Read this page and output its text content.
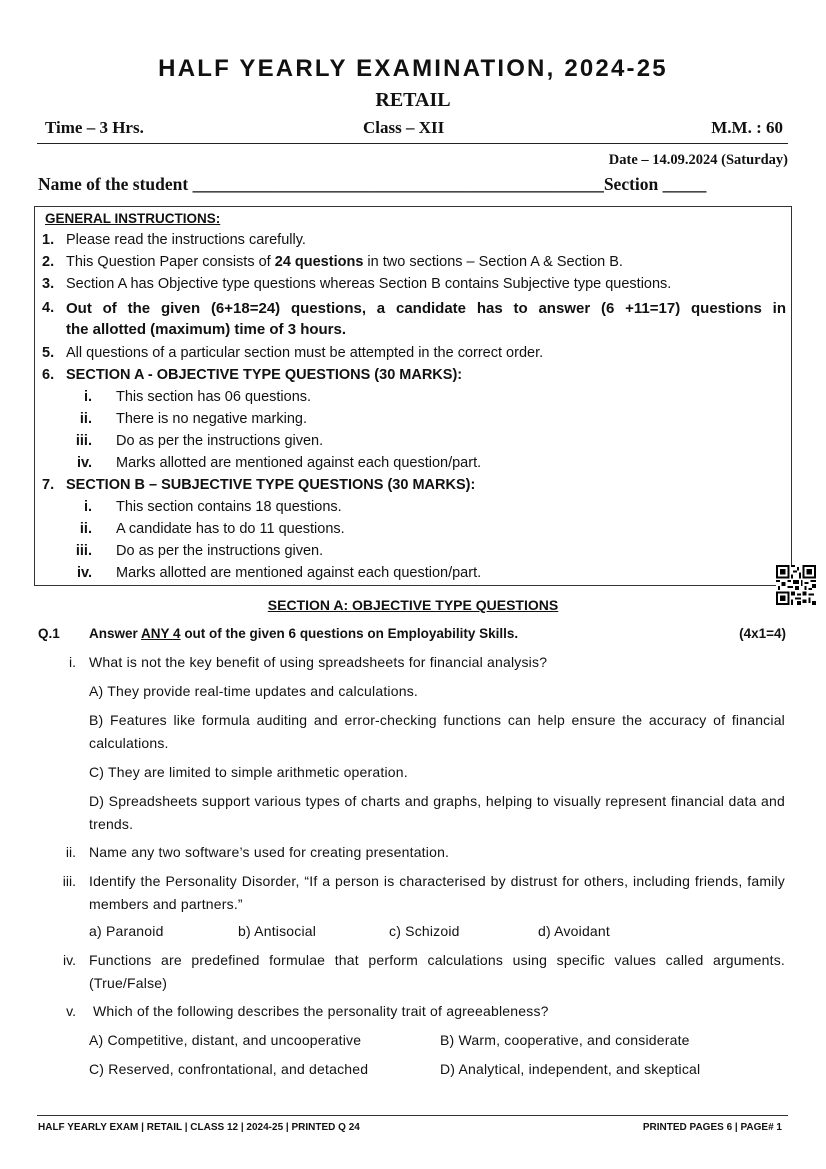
HALF YEARLY EXAMINATION, 2024-25
RETAIL
Time – 3 Hrs.	Class – XII	M.M. : 60
Date – 14.09.2024 (Saturday)
Name of the student _______________________________________________Section _____
GENERAL INSTRUCTIONS:
1. Please read the instructions carefully.
2. This Question Paper consists of 24 questions in two sections – Section A & Section B.
3. Section A has Objective type questions whereas Section B contains Subjective type questions.
4. Out of the given (6+18=24) questions, a candidate has to answer (6 +11=17) questions in
the allotted (maximum) time of 3 hours.
5. All questions of a particular section must be attempted in the correct order.
6. SECTION A - OBJECTIVE TYPE QUESTIONS (30 MARKS):
i. This section has 06 questions.
ii. There is no negative marking.
iii. Do as per the instructions given.
iv. Marks allotted are mentioned against each question/part.
7. SECTION B – SUBJECTIVE TYPE QUESTIONS (30 MARKS):
i. This section contains 18 questions.
ii. A candidate has to do 11 questions.
iii. Do as per the instructions given.
iv. Marks allotted are mentioned against each question/part.
SECTION A: OBJECTIVE TYPE QUESTIONS
Q.1 Answer ANY 4 out of the given 6 questions on Employability Skills.	(4x1=4)
i. What is not the key benefit of using spreadsheets for financial analysis?
A) They provide real-time updates and calculations.
B) Features like formula auditing and error-checking functions can help ensure the accuracy of financial calculations.
C) They are limited to simple arithmetic operation.
D) Spreadsheets support various types of charts and graphs, helping to visually represent financial data and trends.
ii. Name any two software’s used for creating presentation.
iii. Identify the Personality Disorder, “If a person is characterised by distrust for others, including friends, family members and partners.”
a) Paranoid	b) Antisocial	c) Schizoid	d) Avoidant
iv. Functions are predefined formulae that perform calculations using specific values called arguments. (True/False)
v. Which of the following describes the personality trait of agreeableness?
A) Competitive, distant, and uncooperative	B) Warm, cooperative, and considerate
C) Reserved, confrontational, and detached	D) Analytical, independent, and skeptical
HALF YEARLY EXAM | RETAIL | CLASS 12 | 2024-25 | PRINTED Q 24	PRINTED PAGES 6 | PAGE# 1
